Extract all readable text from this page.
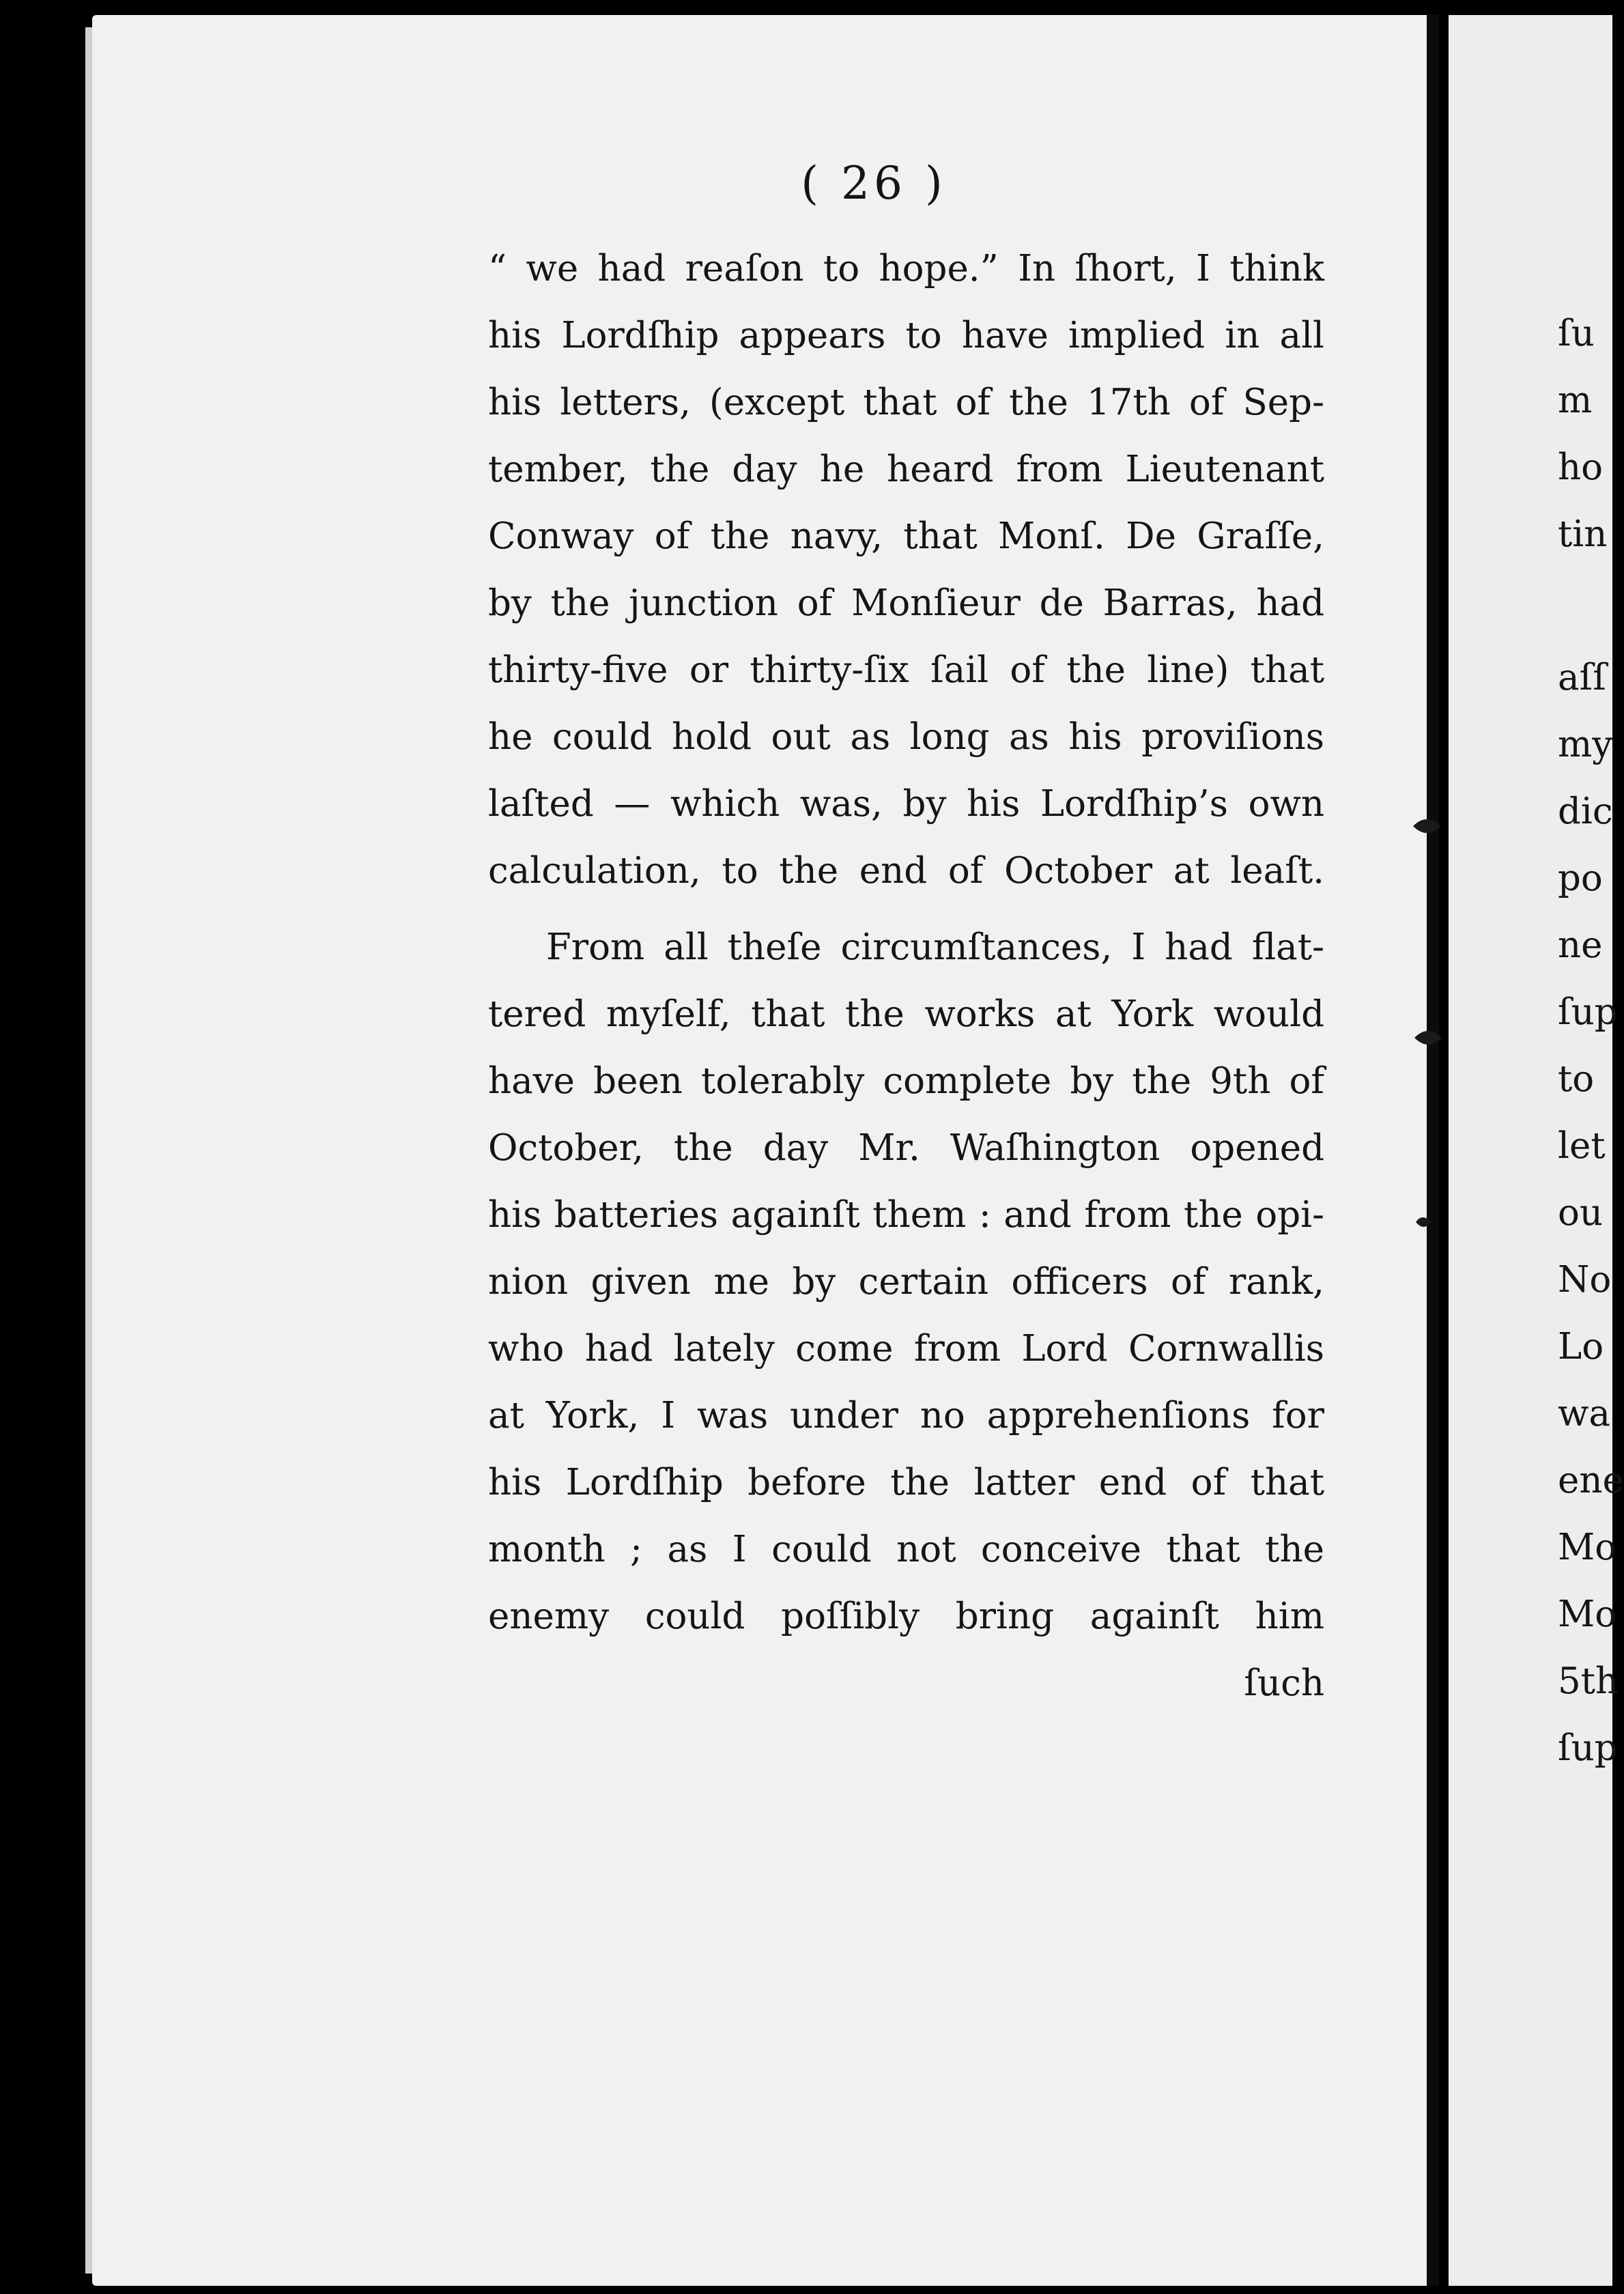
( 26 )
“ we had reaſon to hope.” In ſhort, I think
his Lordſhip appears to have implied in all
his letters, (except that of the 17th of Sep-
tember, the day he heard from Lieutenant
Conway of the navy, that Monſ. De Graſſe,
by the junction of Monſieur de Barras, had
thirty-five or thirty-ſix ſail of the line) that
he could hold out as long as his proviſions
laſted — which was, by his Lordſhip’s own
calculation, to the end of October at leaſt.
From all theſe circumſtances, I had flat-
tered myſelf, that the works at York would
have been tolerably complete by the 9th of
October, the day Mr. Waſhington opened
his batteries againſt them : and from the opi-
nion given me by certain officers of rank,
who had lately come from Lord Cornwallis
at York, I was under no apprehenſions for
his Lordſhip before the latter end of that
month ; as I could not conceive that the
enemy could poſſibly bring againſt him
ſuch
ſu
m
ho
tin
aſſ
my
dic
po
ne
ſup
to
let
ou
No
Lo
wa
ene
Mo
Mo
5th
ſup
